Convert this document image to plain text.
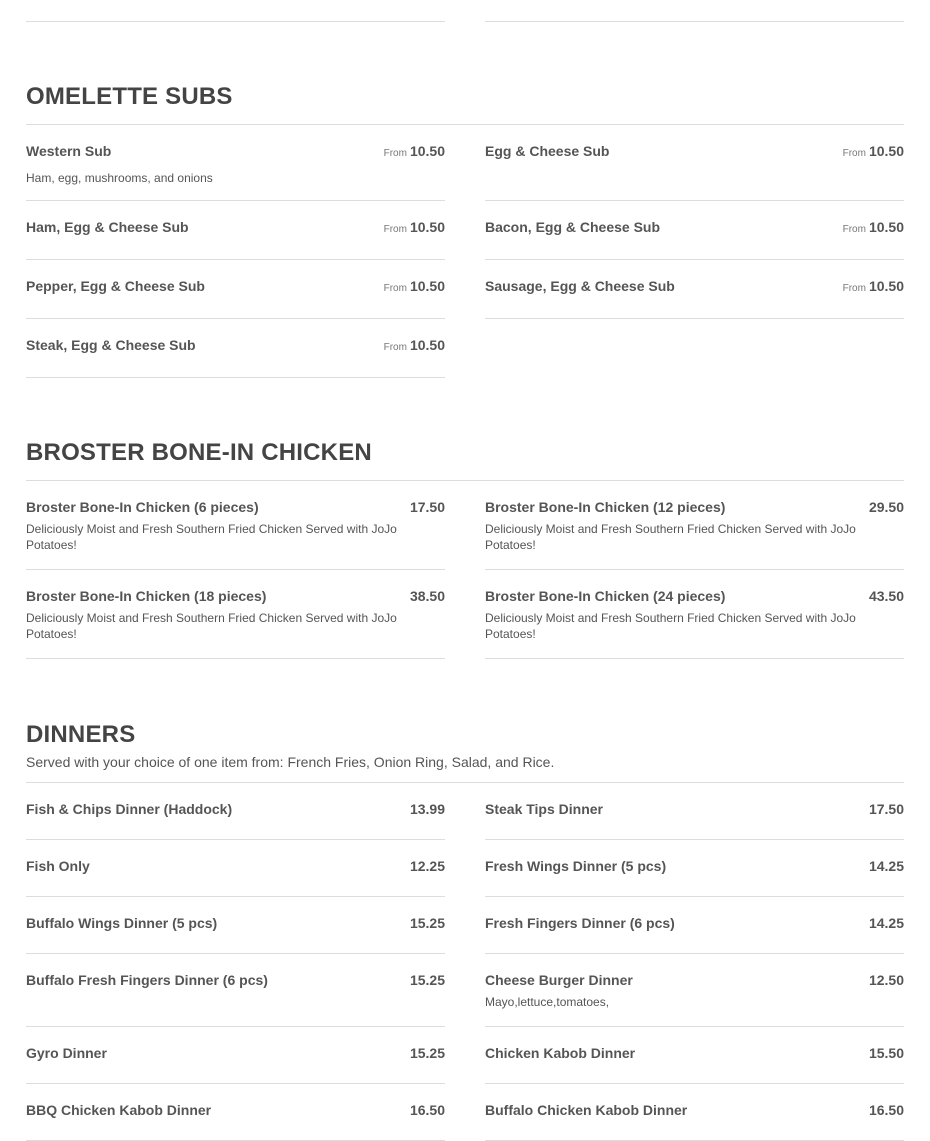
OMELETTE SUBS
Western Sub	From 10.50
Ham, egg, mushrooms, and onions
Ham, Egg & Cheese Sub	From 10.50
Pepper, Egg & Cheese Sub	From 10.50
Steak, Egg & Cheese Sub	From 10.50
Egg & Cheese Sub	From 10.50
Bacon, Egg & Cheese Sub	From 10.50
Sausage, Egg & Cheese Sub	From 10.50
BROSTER BONE-IN CHICKEN
Broster Bone-In Chicken (6 pieces)	17.50
Deliciously Moist and Fresh Southern Fried Chicken Served with JoJo Potatoes!
Broster Bone-In Chicken (18 pieces)	38.50
Deliciously Moist and Fresh Southern Fried Chicken Served with JoJo Potatoes!
Broster Bone-In Chicken (12 pieces)	29.50
Deliciously Moist and Fresh Southern Fried Chicken Served with JoJo Potatoes!
Broster Bone-In Chicken (24 pieces)	43.50
Deliciously Moist and Fresh Southern Fried Chicken Served with JoJo Potatoes!
DINNERS
Served with your choice of one item from: French Fries, Onion Ring, Salad, and Rice.
Fish & Chips Dinner (Haddock)	13.99
Fish Only	12.25
Buffalo Wings Dinner (5 pcs)	15.25
Buffalo Fresh Fingers Dinner (6 pcs)	15.25
Gyro Dinner	15.25
BBQ Chicken Kabob Dinner	16.50
Steak Tips Dinner	17.50
Fresh Wings Dinner (5 pcs)	14.25
Fresh Fingers Dinner (6 pcs)	14.25
Cheese Burger Dinner	12.50
Mayo,lettuce,tomatoes,
Chicken Kabob Dinner	15.50
Buffalo Chicken Kabob Dinner	16.50
